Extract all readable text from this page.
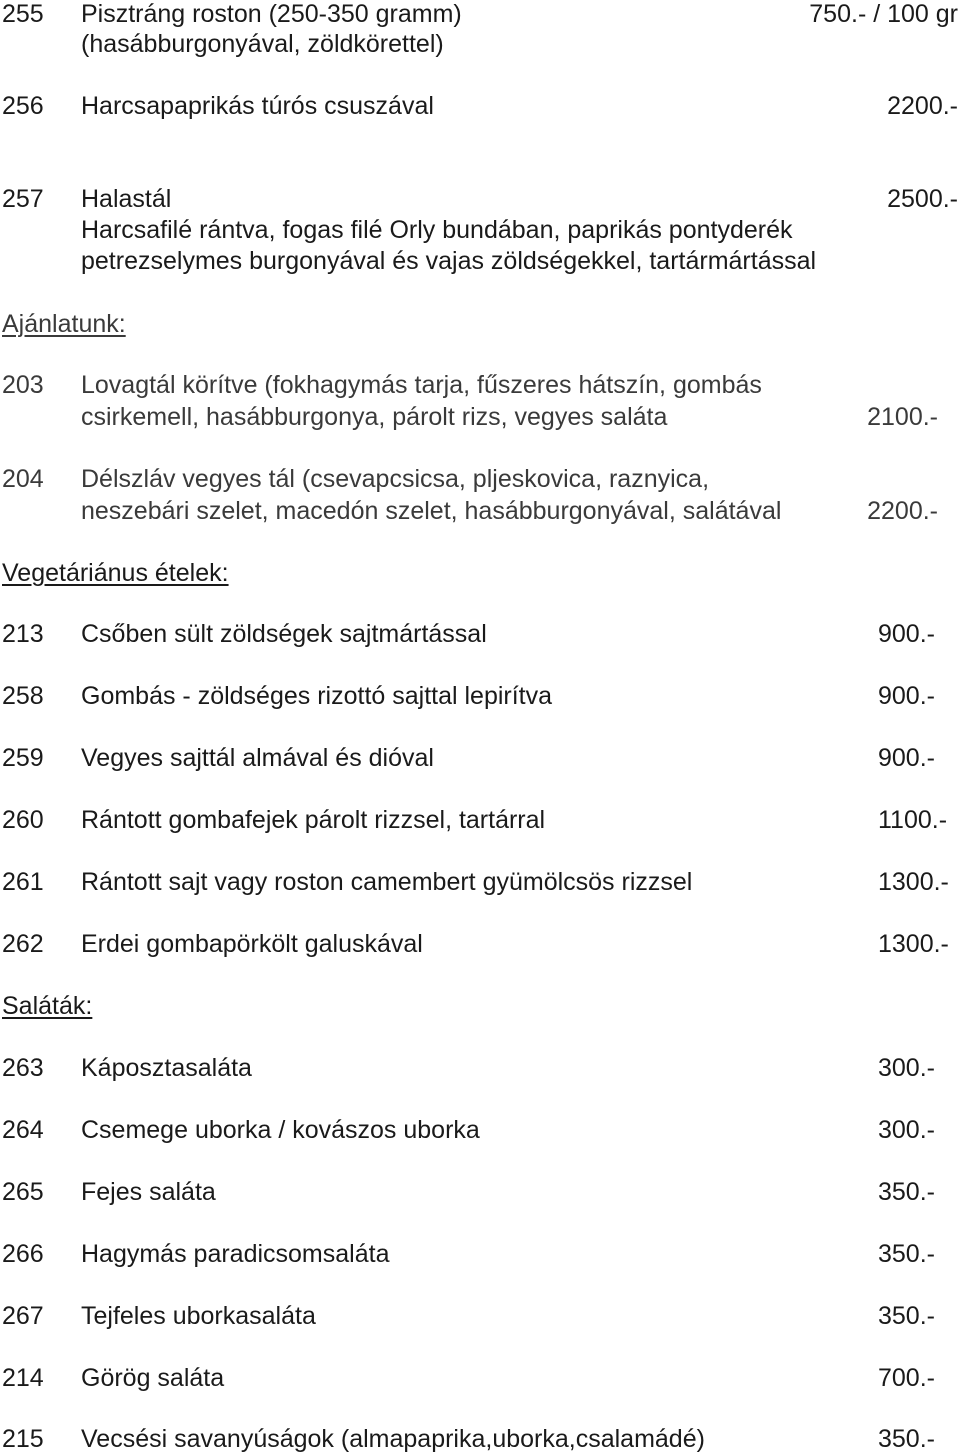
255 Pisztráng roston (250-350 gramm)	750.- / 100 gr
(hasábburgonyával, zöldkörettel)
256 Harcsapaprikás túrós csuszával	2200.-
257 Halastál	2500.-
Harcsafilé rántva, fogas filé Orly bundában, paprikás pontyderék
petrezselymes burgonyával és vajas zöldségekkel, tartármártással
Ajánlatunk:
203 Lovagtál körítve (fokhagymás tarja, fűszeres hátszín, gombás
csirkemell, hasábburgonya, párolt rizs, vegyes saláta	2100.-
204 Délszláv vegyes tál (csevapcsicsa, pljeskovica, raznyica,
neszebári szelet, macedón szelet, hasábburgonyával, salátával	2200.-
Vegetáriánus ételek:
213 Csőben sült zöldségek sajtmártással	900.-
258 Gombás - zöldséges rizottó sajttal lepirítva	900.-
259 Vegyes sajttál almával és dióval	900.-
260 Rántott gombafejek párolt rizzsel, tartárral	1100.-
261 Rántott sajt vagy roston camembert gyümölcsös rizzsel	1300.-
262 Erdei gombapörkölt galuskával	1300.-
Saláták:
263 Káposztasaláta	300.-
264 Csemege uborka / kovászos uborka	300.-
265 Fejes saláta	350.-
266 Hagymás paradicsomsaláta	350.-
267 Tejfeles uborkasaláta	350.-
214 Görög saláta	700.-
215 Vecsési savanyúságok (almapaprika,uborka,csalamádé)	350.-
